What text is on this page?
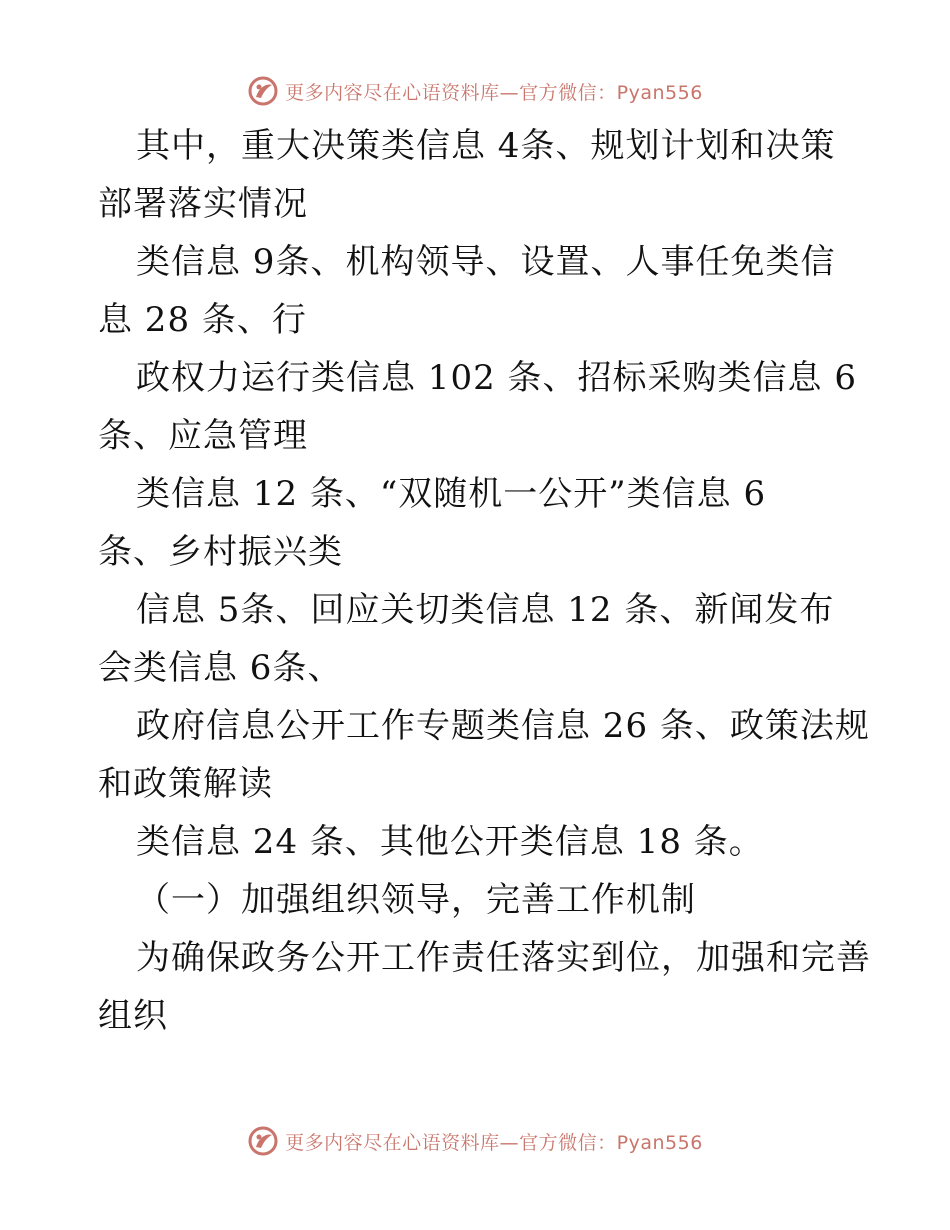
更多内容尽在心语资料库—官方微信：Pyan556
其中，重大决策类信息 4条、规划计划和决策
部署落实情况
类信息 9条、机构领导、设置、人事任免类信
息 28 条、行
政权力运行类信息 102 条、招标采购类信息 6
条、应急管理
类信息 12 条、“双随机一公开”类信息 6
条、乡村振兴类
信息 5条、回应关切类信息 12 条、新闻发布
会类信息 6条、
政府信息公开工作专题类信息 26 条、政策法规
和政策解读
类信息 24 条、其他公开类信息 18 条。
（一）加强组织领导，完善工作机制
为确保政务公开工作责任落实到位，加强和完善
组织
更多内容尽在心语资料库—官方微信：Pyan556
